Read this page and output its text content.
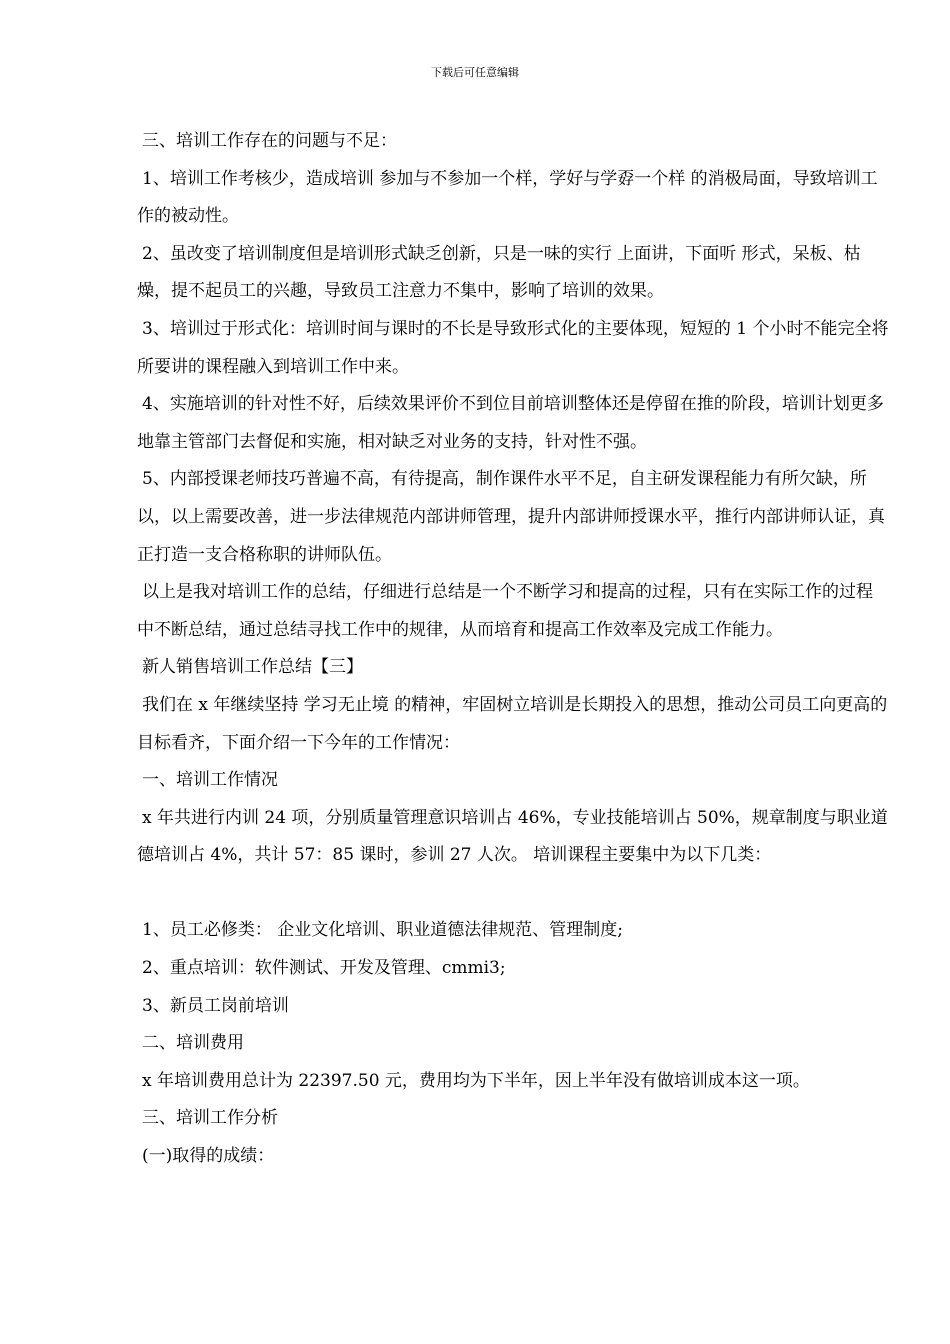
下载后可任意编辑

三、培训工作存在的问题与不足：

1、培训工作考核少，造成培训 参加与不参加一个样，学好与学孬一个样 的消极局面，导致培训工作的被动性。

2、虽改变了培训制度但是培训形式缺乏创新，只是一味的实行 上面讲，下面听 形式，呆板、枯燥，提不起员工的兴趣，导致员工注意力不集中，影响了培训的效果。

3、培训过于形式化：培训时间与课时的不长是导致形式化的主要体现，短短的 1 个小时不能完全将所要讲的课程融入到培训工作中来。

4、实施培训的针对性不好，后续效果评价不到位目前培训整体还是停留在推的阶段，培训计划更多地靠主管部门去督促和实施，相对缺乏对业务的支持，针对性不强。

5、内部授课老师技巧普遍不高，有待提高，制作课件水平不足，自主研发课程能力有所欠缺，所以，以上需要改善，进一步法律规范内部讲师管理，提升内部讲师授课水平，推行内部讲师认证，真正打造一支合格称职的讲师队伍。

以上是我对培训工作的总结，仔细进行总结是一个不断学习和提高的过程，只有在实际工作的过程中不断总结，通过总结寻找工作中的规律，从而培育和提高工作效率及完成工作能力。

新人销售培训工作总结【三】

我们在 x 年继续坚持 学习无止境 的精神，牢固树立培训是长期投入的思想，推动公司员工向更高的目标看齐，下面介绍一下今年的工作情况：

一、培训工作情况

x 年共进行内训 24 项，分别质量管理意识培训占 46%，专业技能培训占 50%，规章制度与职业道德培训占 4%，共计 57：85 课时，参训 27 人次。 培训课程主要集中为以下几类：

1、员工必修类： 企业文化培训、职业道德法律规范、管理制度;

2、重点培训：软件测试、开发及管理、cmmi3;

3、新员工岗前培训

二、培训费用

x 年培训费用总计为 22397.50 元，费用均为下半年，因上半年没有做培训成本这一项。

三、培训工作分析

(一)取得的成绩：
